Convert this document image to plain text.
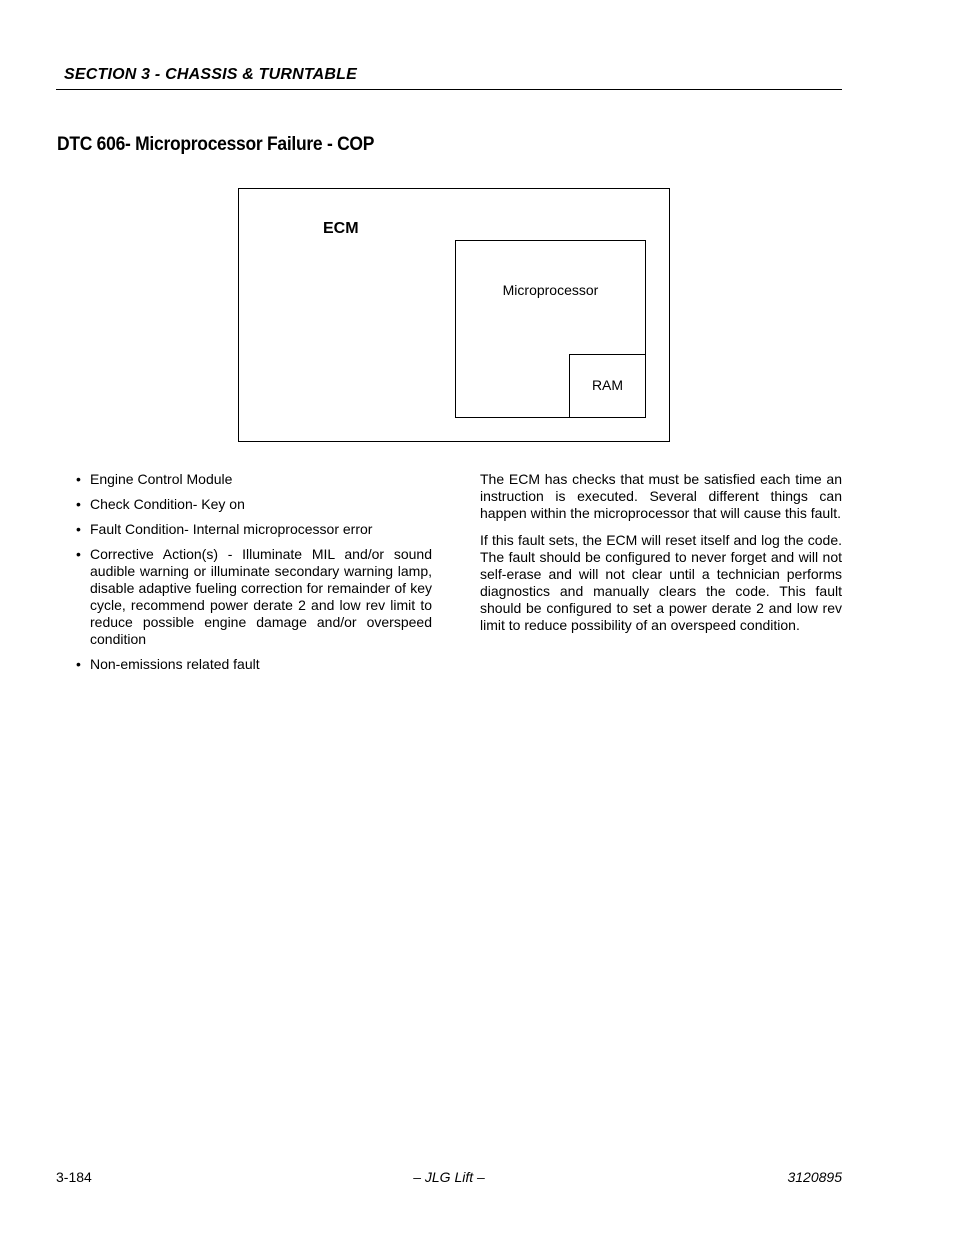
SECTION 3 - CHASSIS & TURNTABLE
DTC 606- Microprocessor Failure - COP
ECM
Microprocessor
RAM
• Engine Control Module
• Check Condition- Key on
• Fault Condition- Internal microprocessor error
• Corrective Action(s) - Illuminate MIL and/or sound audible warning or illuminate secondary warning lamp, disable adaptive fueling correction for remainder of key cycle, recommend power derate 2 and low rev limit to reduce possible engine damage and/or overspeed condition
• Non-emissions related fault

The ECM has checks that must be satisfied each time an instruction is executed. Several different things can happen within the microprocessor that will cause this fault.

If this fault sets, the ECM will reset itself and log the code. The fault should be configured to never forget and will not self-erase and will not clear until a technician performs diagnostics and manually clears the code. This fault should be configured to set a power derate 2 and low rev limit to reduce possibility of an overspeed condition.

3-184	– JLG Lift –	3120895
